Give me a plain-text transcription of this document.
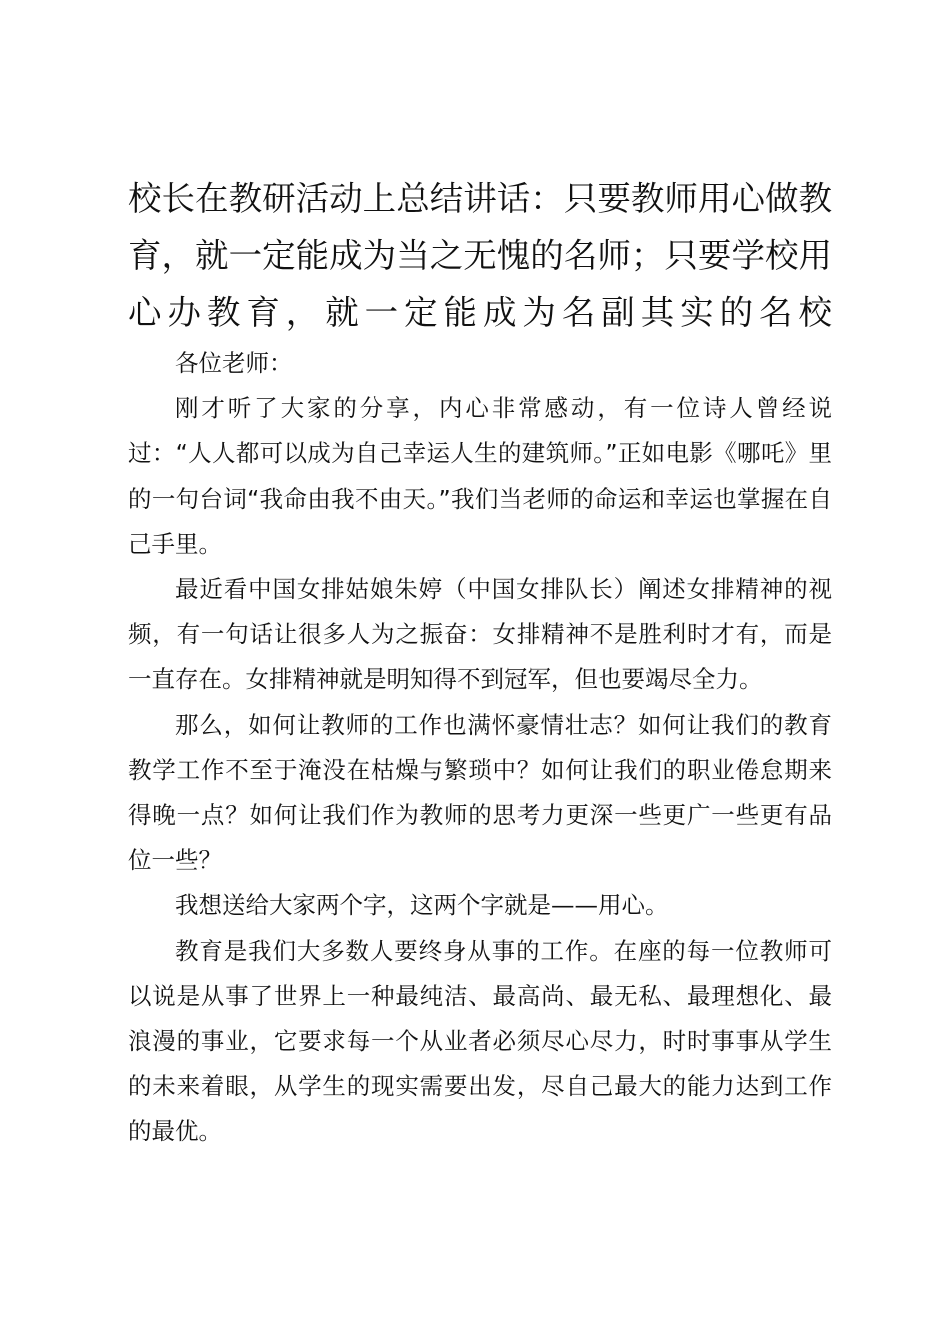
校长在教研活动上总结讲话：只要教师用心做教育，就一定能成为当之无愧的名师；只要学校用心办教育，就一定能成为名副其实的名校

各位老师：

刚才听了大家的分享，内心非常感动，有一位诗人曾经说过：“人人都可以成为自己幸运人生的建筑师。”正如电影《哪吒》里的一句台词“我命由我不由天。”我们当老师的命运和幸运也掌握在自己手里。

最近看中国女排姑娘朱婷（中国女排队长）阐述女排精神的视频，有一句话让很多人为之振奋：女排精神不是胜利时才有，而是一直存在。女排精神就是明知得不到冠军，但也要竭尽全力。

那么，如何让教师的工作也满怀豪情壮志？如何让我们的教育教学工作不至于淹没在枯燥与繁琐中？如何让我们的职业倦怠期来得晚一点？如何让我们作为教师的思考力更深一些更广一些更有品位一些？

我想送给大家两个字，这两个字就是——用心。

教育是我们大多数人要终身从事的工作。在座的每一位教师可以说是从事了世界上一种最纯洁、最高尚、最无私、最理想化、最浪漫的事业，它要求每一个从业者必须尽心尽力，时时事事从学生的未来着眼，从学生的现实需要出发，尽自己最大的能力达到工作的最优。
